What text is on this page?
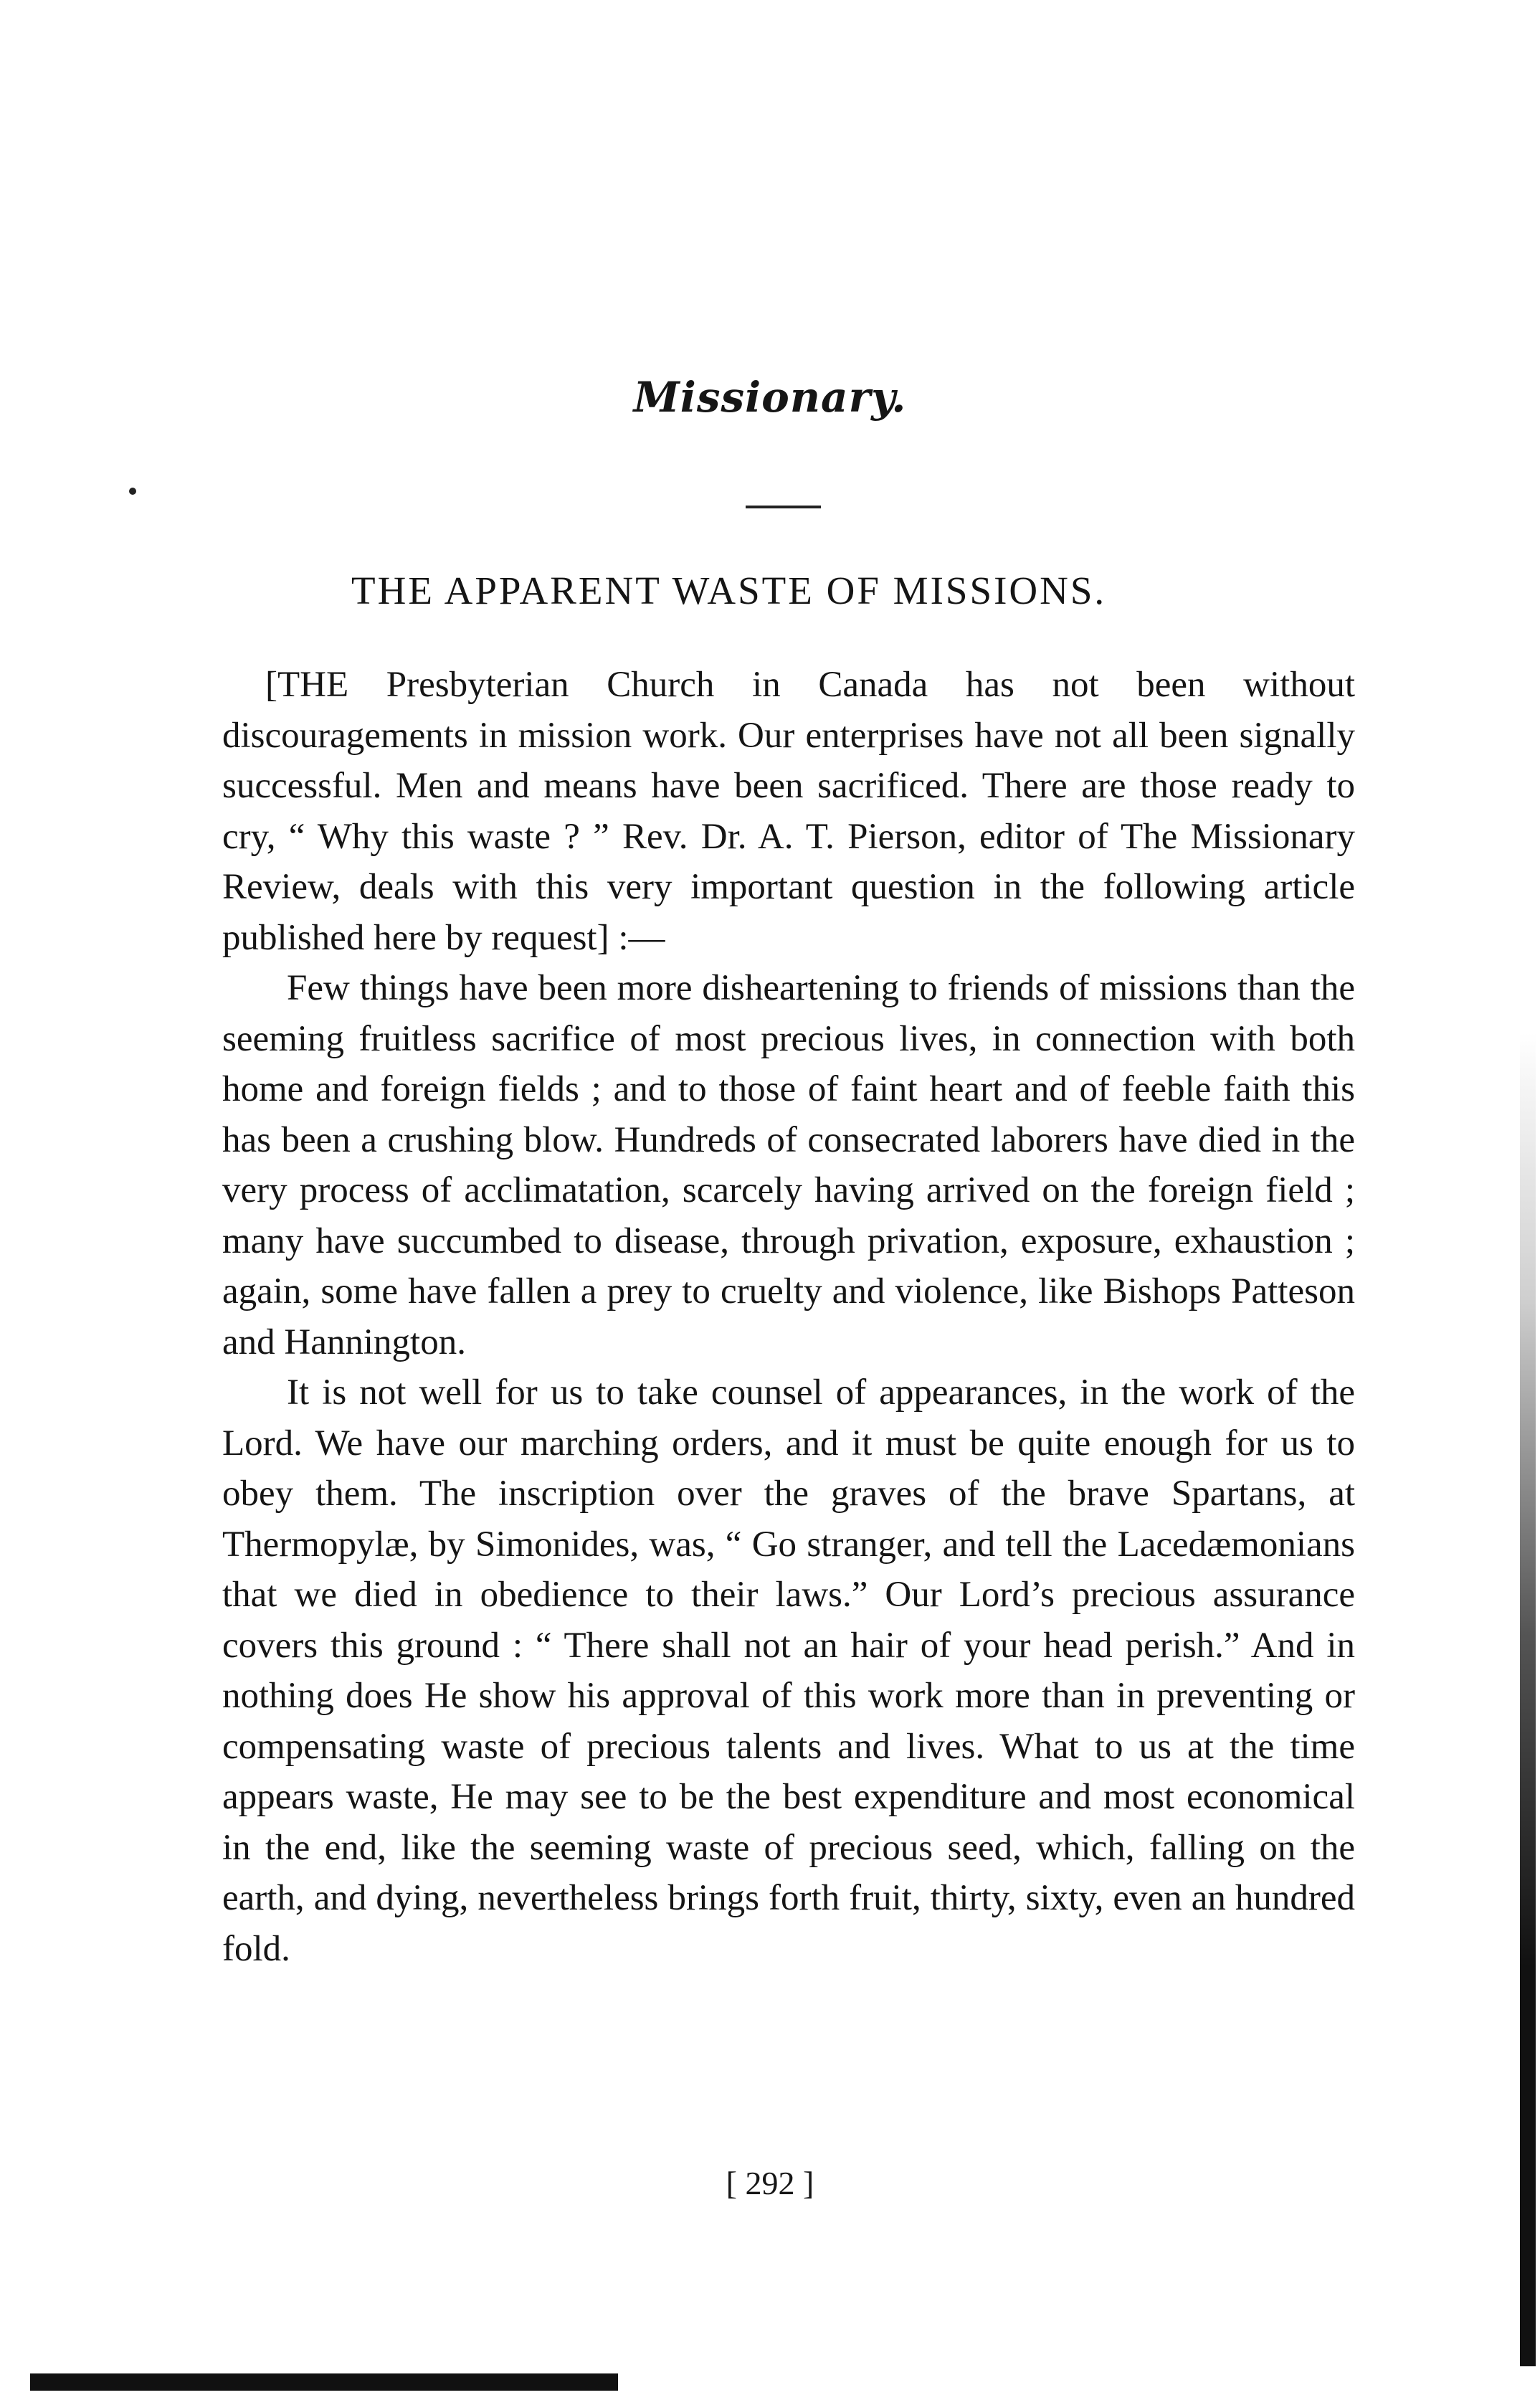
Missionary.
THE APPARENT WASTE OF MISSIONS.

[THE Presbyterian Church in Canada has not been without discouragements in mission work. Our enterprises have not all been signally successful. Men and means have been sacrificed. There are those ready to cry, “ Why this waste ? ” Rev. Dr. A. T. Pierson, editor of The Missionary Review, deals with this very important question in the following article published here by request] :—

Few things have been more disheartening to friends of missions than the seeming fruitless sacrifice of most precious lives, in connection with both home and foreign fields ; and to those of faint heart and of feeble faith this has been a crushing blow. Hundreds of consecrated laborers have died in the very process of acclimatation, scarcely having arrived on the foreign field ; many have succumbed to disease, through privation, exposure, exhaustion ; again, some have fallen a prey to cruelty and violence, like Bishops Patteson and Hannington.

It is not well for us to take counsel of appearances, in the work of the Lord. We have our marching orders, and it must be quite enough for us to obey them. The inscription over the graves of the brave Spartans, at Thermopylæ, by Simonides, was, “ Go stranger, and tell the Lacedæmonians that we died in obedience to their laws.” Our Lord’s precious assurance covers this ground : “ There shall not an hair of your head perish.” And in nothing does He show his approval of this work more than in preventing or compensating waste of precious talents and lives. What to us at the time appears waste, He may see to be the best expenditure and most economical in the end, like the seeming waste of precious seed, which, falling on the earth, and dying, nevertheless brings forth fruit, thirty, sixty, even an hundred fold.

[ 292 ]
